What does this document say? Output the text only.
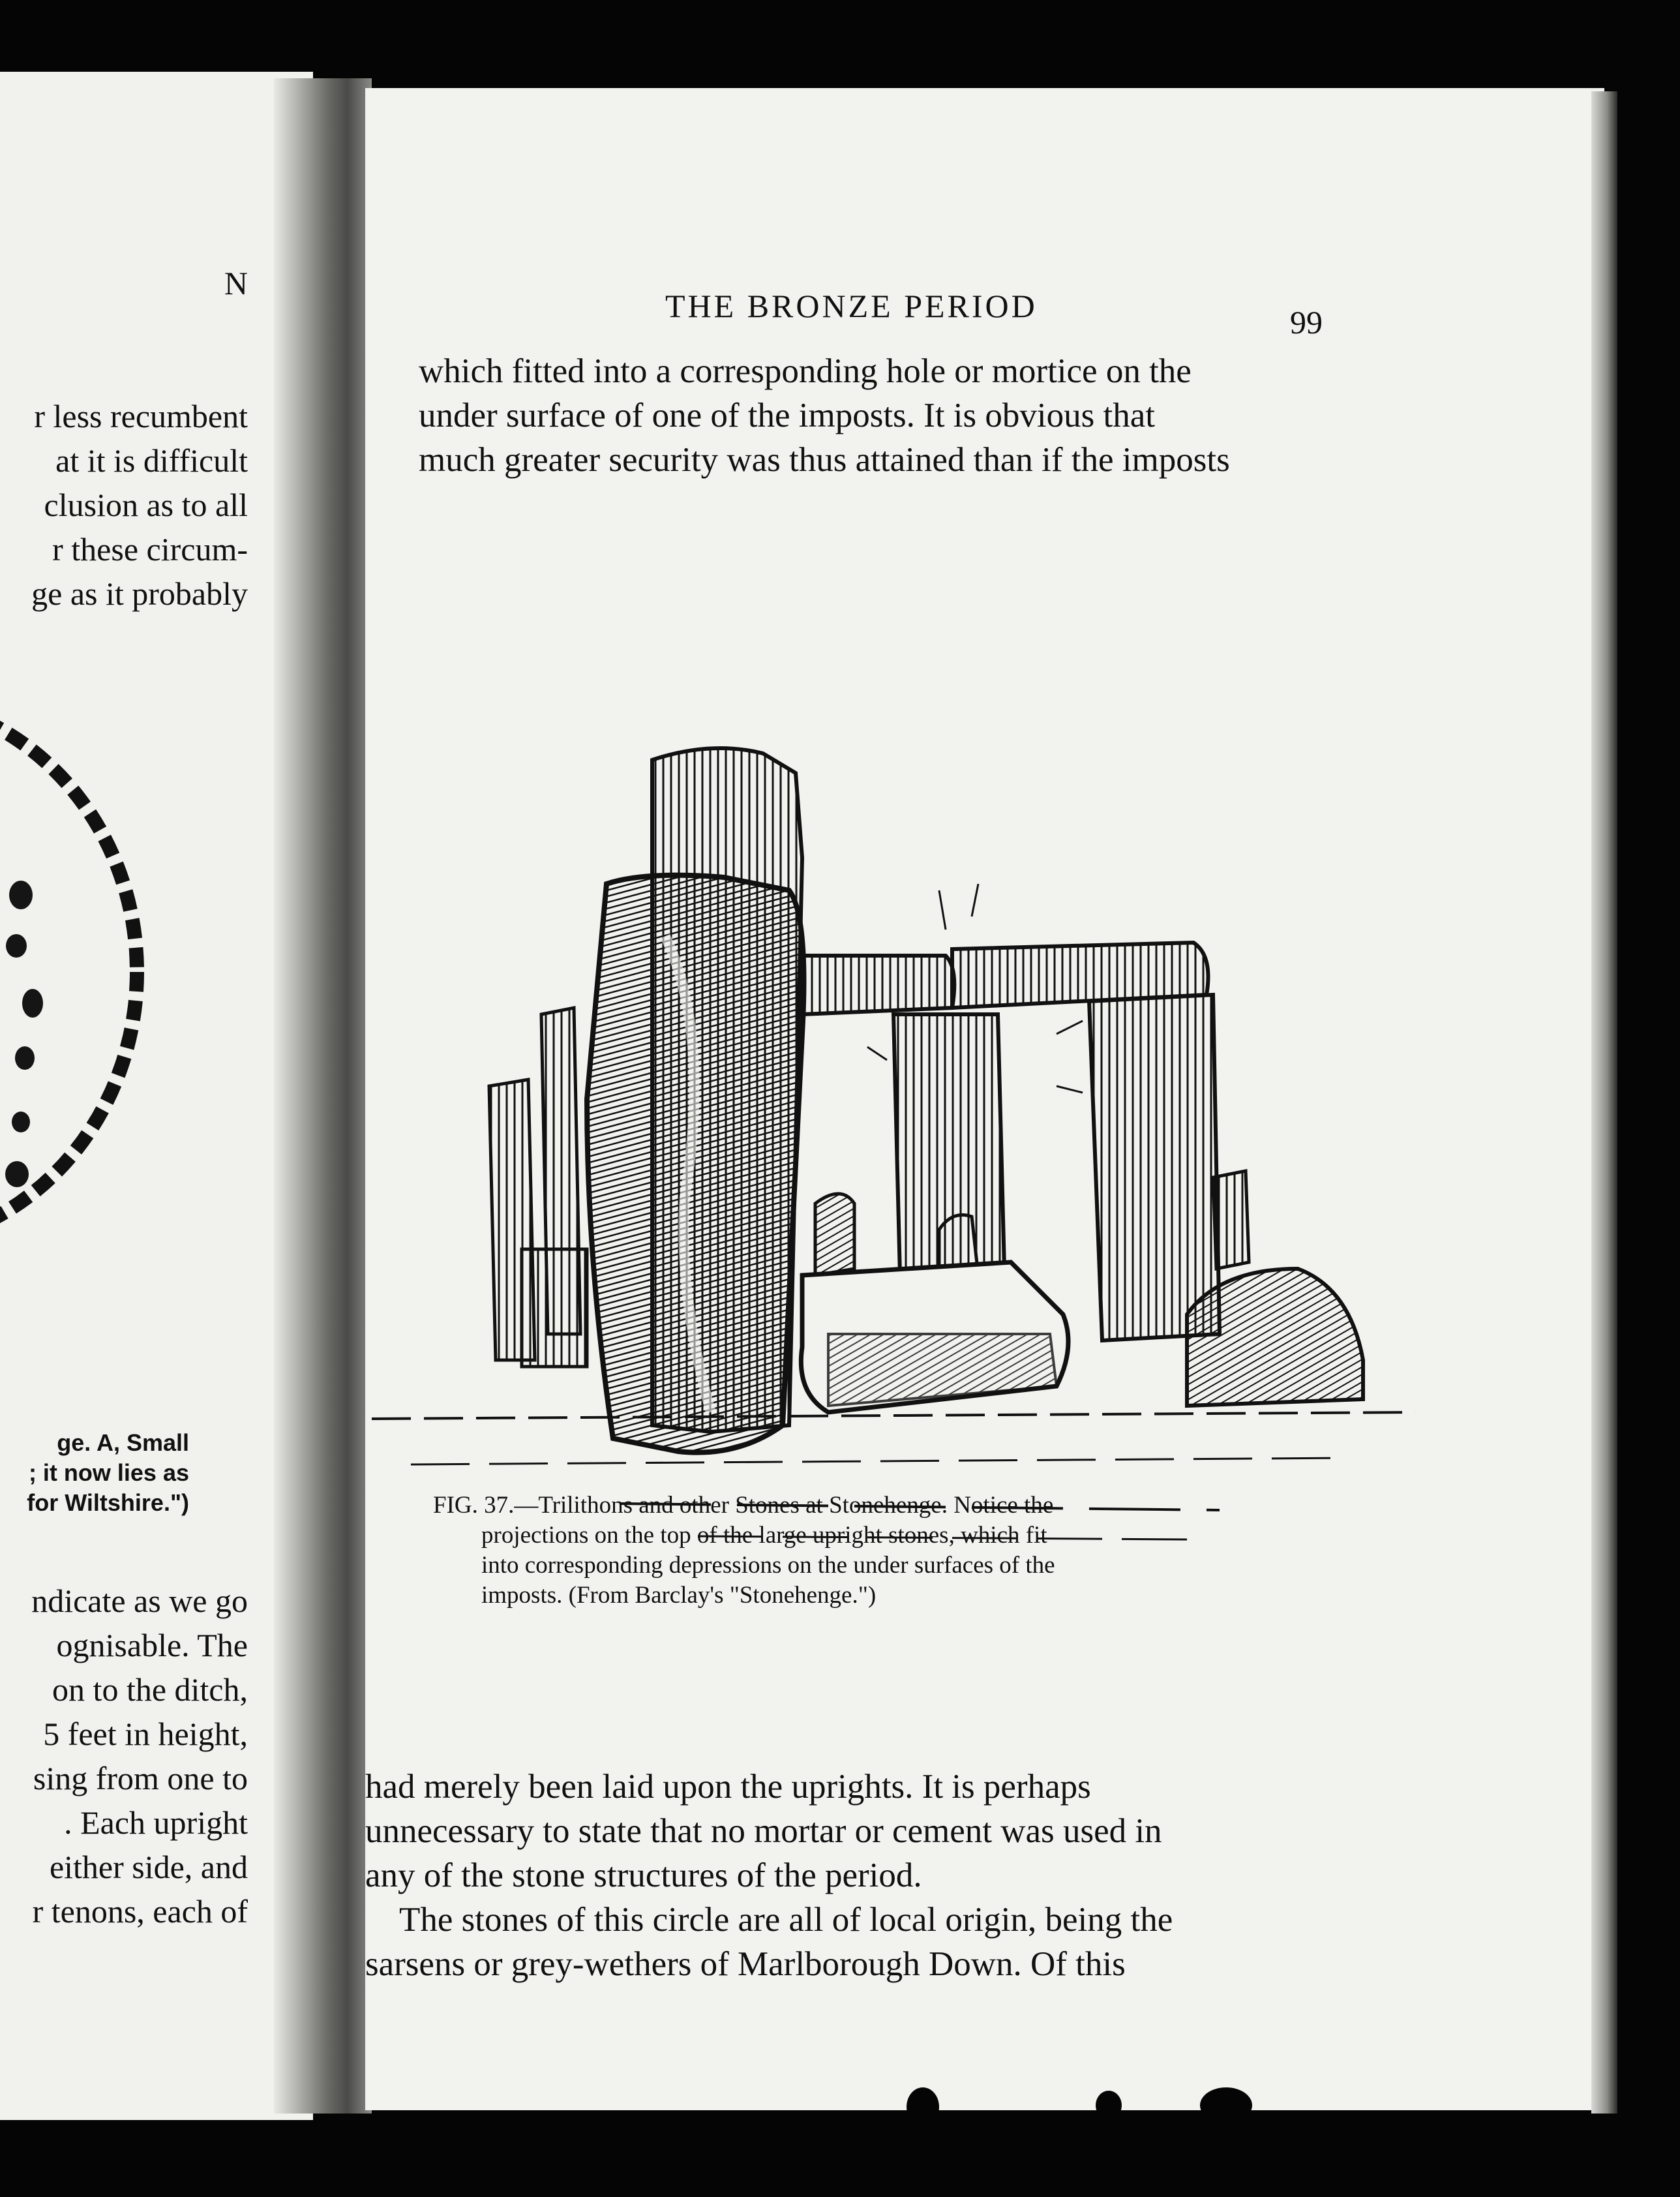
N
r less recumbent
at it is difficult
clusion as to all
r these circum-
ge as it probably
ge. A, Small
; it now lies as
for Wiltshire.")
ndicate as we go
ognisable. The
on to the ditch,
5 feet in height,
sing from one to
. Each upright
either side, and
r tenons, each of
THE BRONZE PERIOD	99
which fitted into a corresponding hole or mortice on the
under surface of one of the imposts. It is obvious that
much greater security was thus attained than if the imposts
FIG. 37.—Trilithons and other Stones at Stonehenge. Notice the
projections on the top of the large upright stones, which fit
into corresponding depressions on the under surfaces of the
imposts. (From Barclay's "Stonehenge.")
had merely been laid upon the uprights. It is perhaps
unnecessary to state that no mortar or cement was used in
any of the stone structures of the period.
The stones of this circle are all of local origin, being the
sarsens or grey-wethers of Marlborough Down. Of this
